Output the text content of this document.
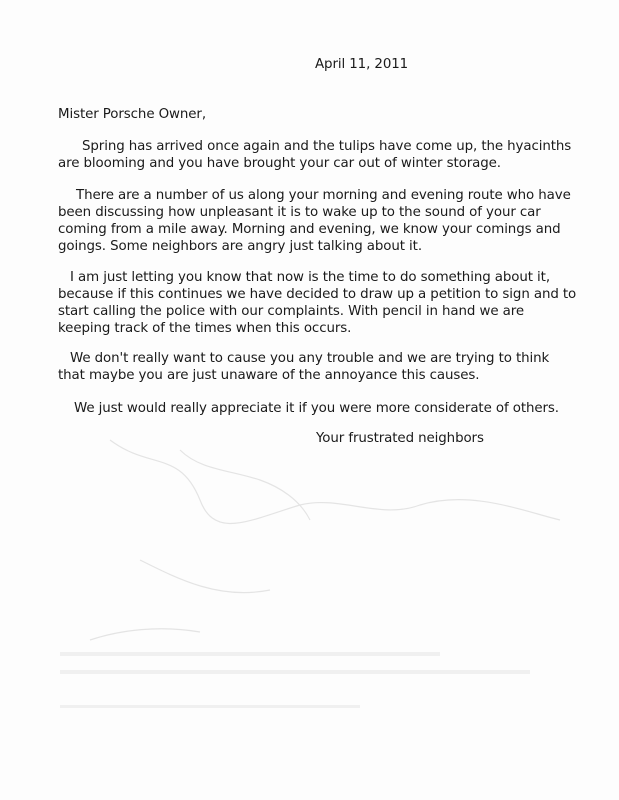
April 11, 2011
Mister Porsche Owner,
Spring has arrived once again and the tulips have come up, the hyacinths
are blooming and you have brought your car out of winter storage.
There are a number of us along your morning and evening route who have
been discussing how unpleasant it is to wake up to the sound of your car
coming from a mile away. Morning and evening, we know your comings and
goings. Some neighbors are angry just talking about it.
I am just letting you know that now is the time to do something about it,
because if this continues we have decided to draw up a petition to sign and to
start calling the police with our complaints. With pencil in hand we are
keeping track of the times when this occurs.
We don't really want to cause you any trouble and we are trying to think
that maybe you are just unaware of the annoyance this causes.
We just would really appreciate it if you were more considerate of others.
Your frustrated neighbors
